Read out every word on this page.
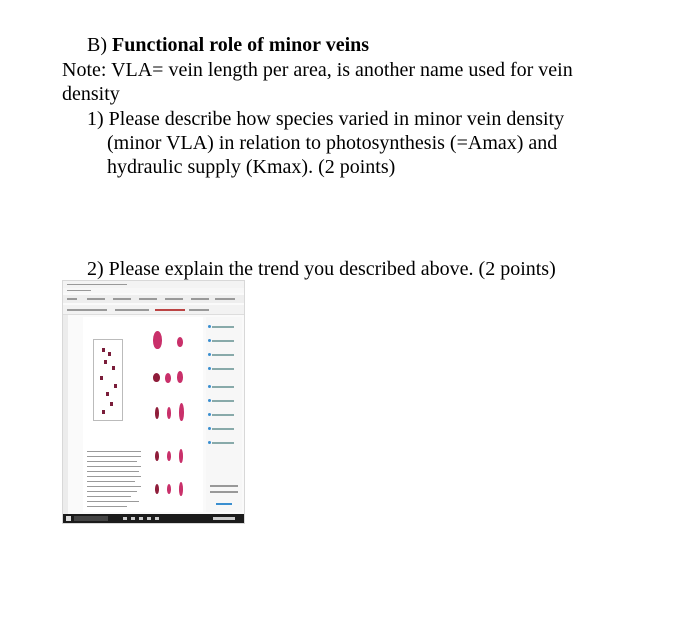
B) Functional role of minor veins
Note: VLA= vein length per area, is another name used for vein
density
1) Please describe how species varied in minor vein density
(minor VLA) in relation to photosynthesis (=Amax) and
hydraulic supply (Kmax). (2 points)
2) Please explain the trend you described above. (2 points)
